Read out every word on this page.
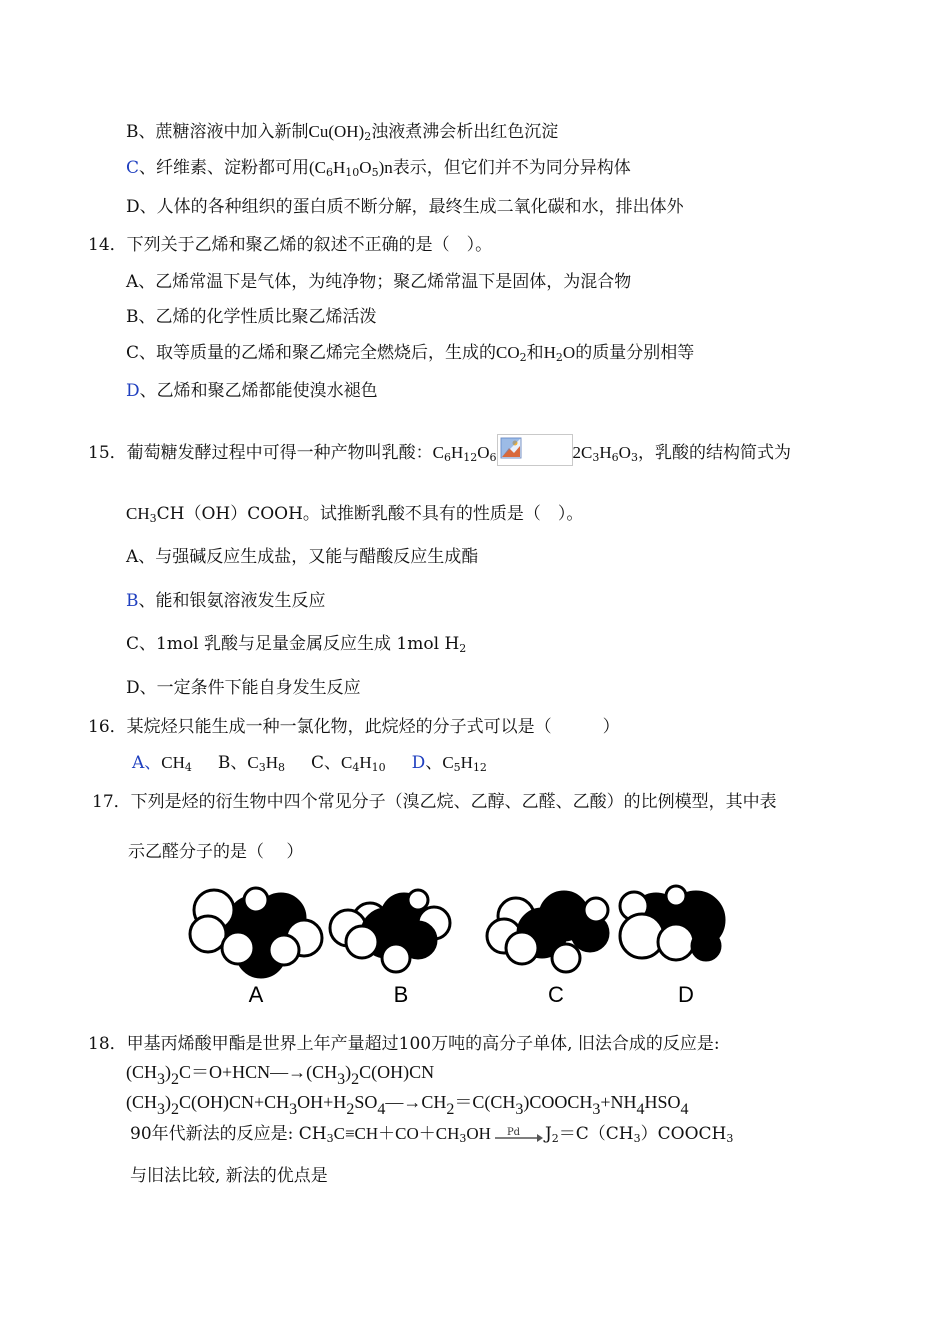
B、蔗糖溶液中加入新制$Cu(OH)_2$浊液煮沸会析出红色沉淀
C、纤维素、淀粉都可用$(C_6H_{10}O_5)n$表示，但它们并不为同分异构体
D、人体的各种组织的蛋白质不断分解，最终生成二氧化碳和水，排出体外
14．下列关于乙烯和聚乙烯的叙述不正确的是（　）。
A、乙烯常温下是气体，为纯净物；聚乙烯常温下是固体，为混合物
B、乙烯的化学性质比聚乙烯活泼
C、取等质量的乙烯和聚乙烯完全燃烧后，生成的$CO_2$和$H_2O$的质量分别相等
D、乙烯和聚乙烯都能使溴水褪色
15．葡萄糖发酵过程中可得一种产物叫乳酸：$C_6H_{12}O_6$	$2C_3H_6O_3$，乳酸的结构简式为
$CH_3CH(OH)COOH$。试推断乳酸不具有的性质是（　）。
A、与强碱反应生成盐，又能与醋酸反应生成酯
B、能和银氨溶液发生反应
C、1mol 乳酸与足量金属反应生成 1mol $H_2$
D、一定条件下能自身发生反应
16．某烷烃只能生成一种一氯化物，此烷烃的分子式可以是（　　　）
A、$CH_4$ B、$C_3H_8$ C、$C_4H_{10}$ D、$C_5H_{12}$
17．下列是烃的衍生物中四个常见分子（溴乙烷、乙醇、乙醛、乙酸）的比例模型，其中表
示乙醛分子的是（　 ）
A	B	C	D
18．甲基丙烯酸甲酯是世界上年产量超过100万吨的高分子单体, 旧法合成的反应是:
(CH3)2C＝O+HCN—→(CH3)2C(OH)CN
(CH3)2C(OH)CN+CH3OH+H2SO4—→CH2＝C(CH3)COOCH3+NH4HSO4
90年代新法的反应是: $CH_3C\equiv CH+CO+CH_3OH$ Pd $J_2=C(CH_3)COOCH_3$
与旧法比较, 新法的优点是
